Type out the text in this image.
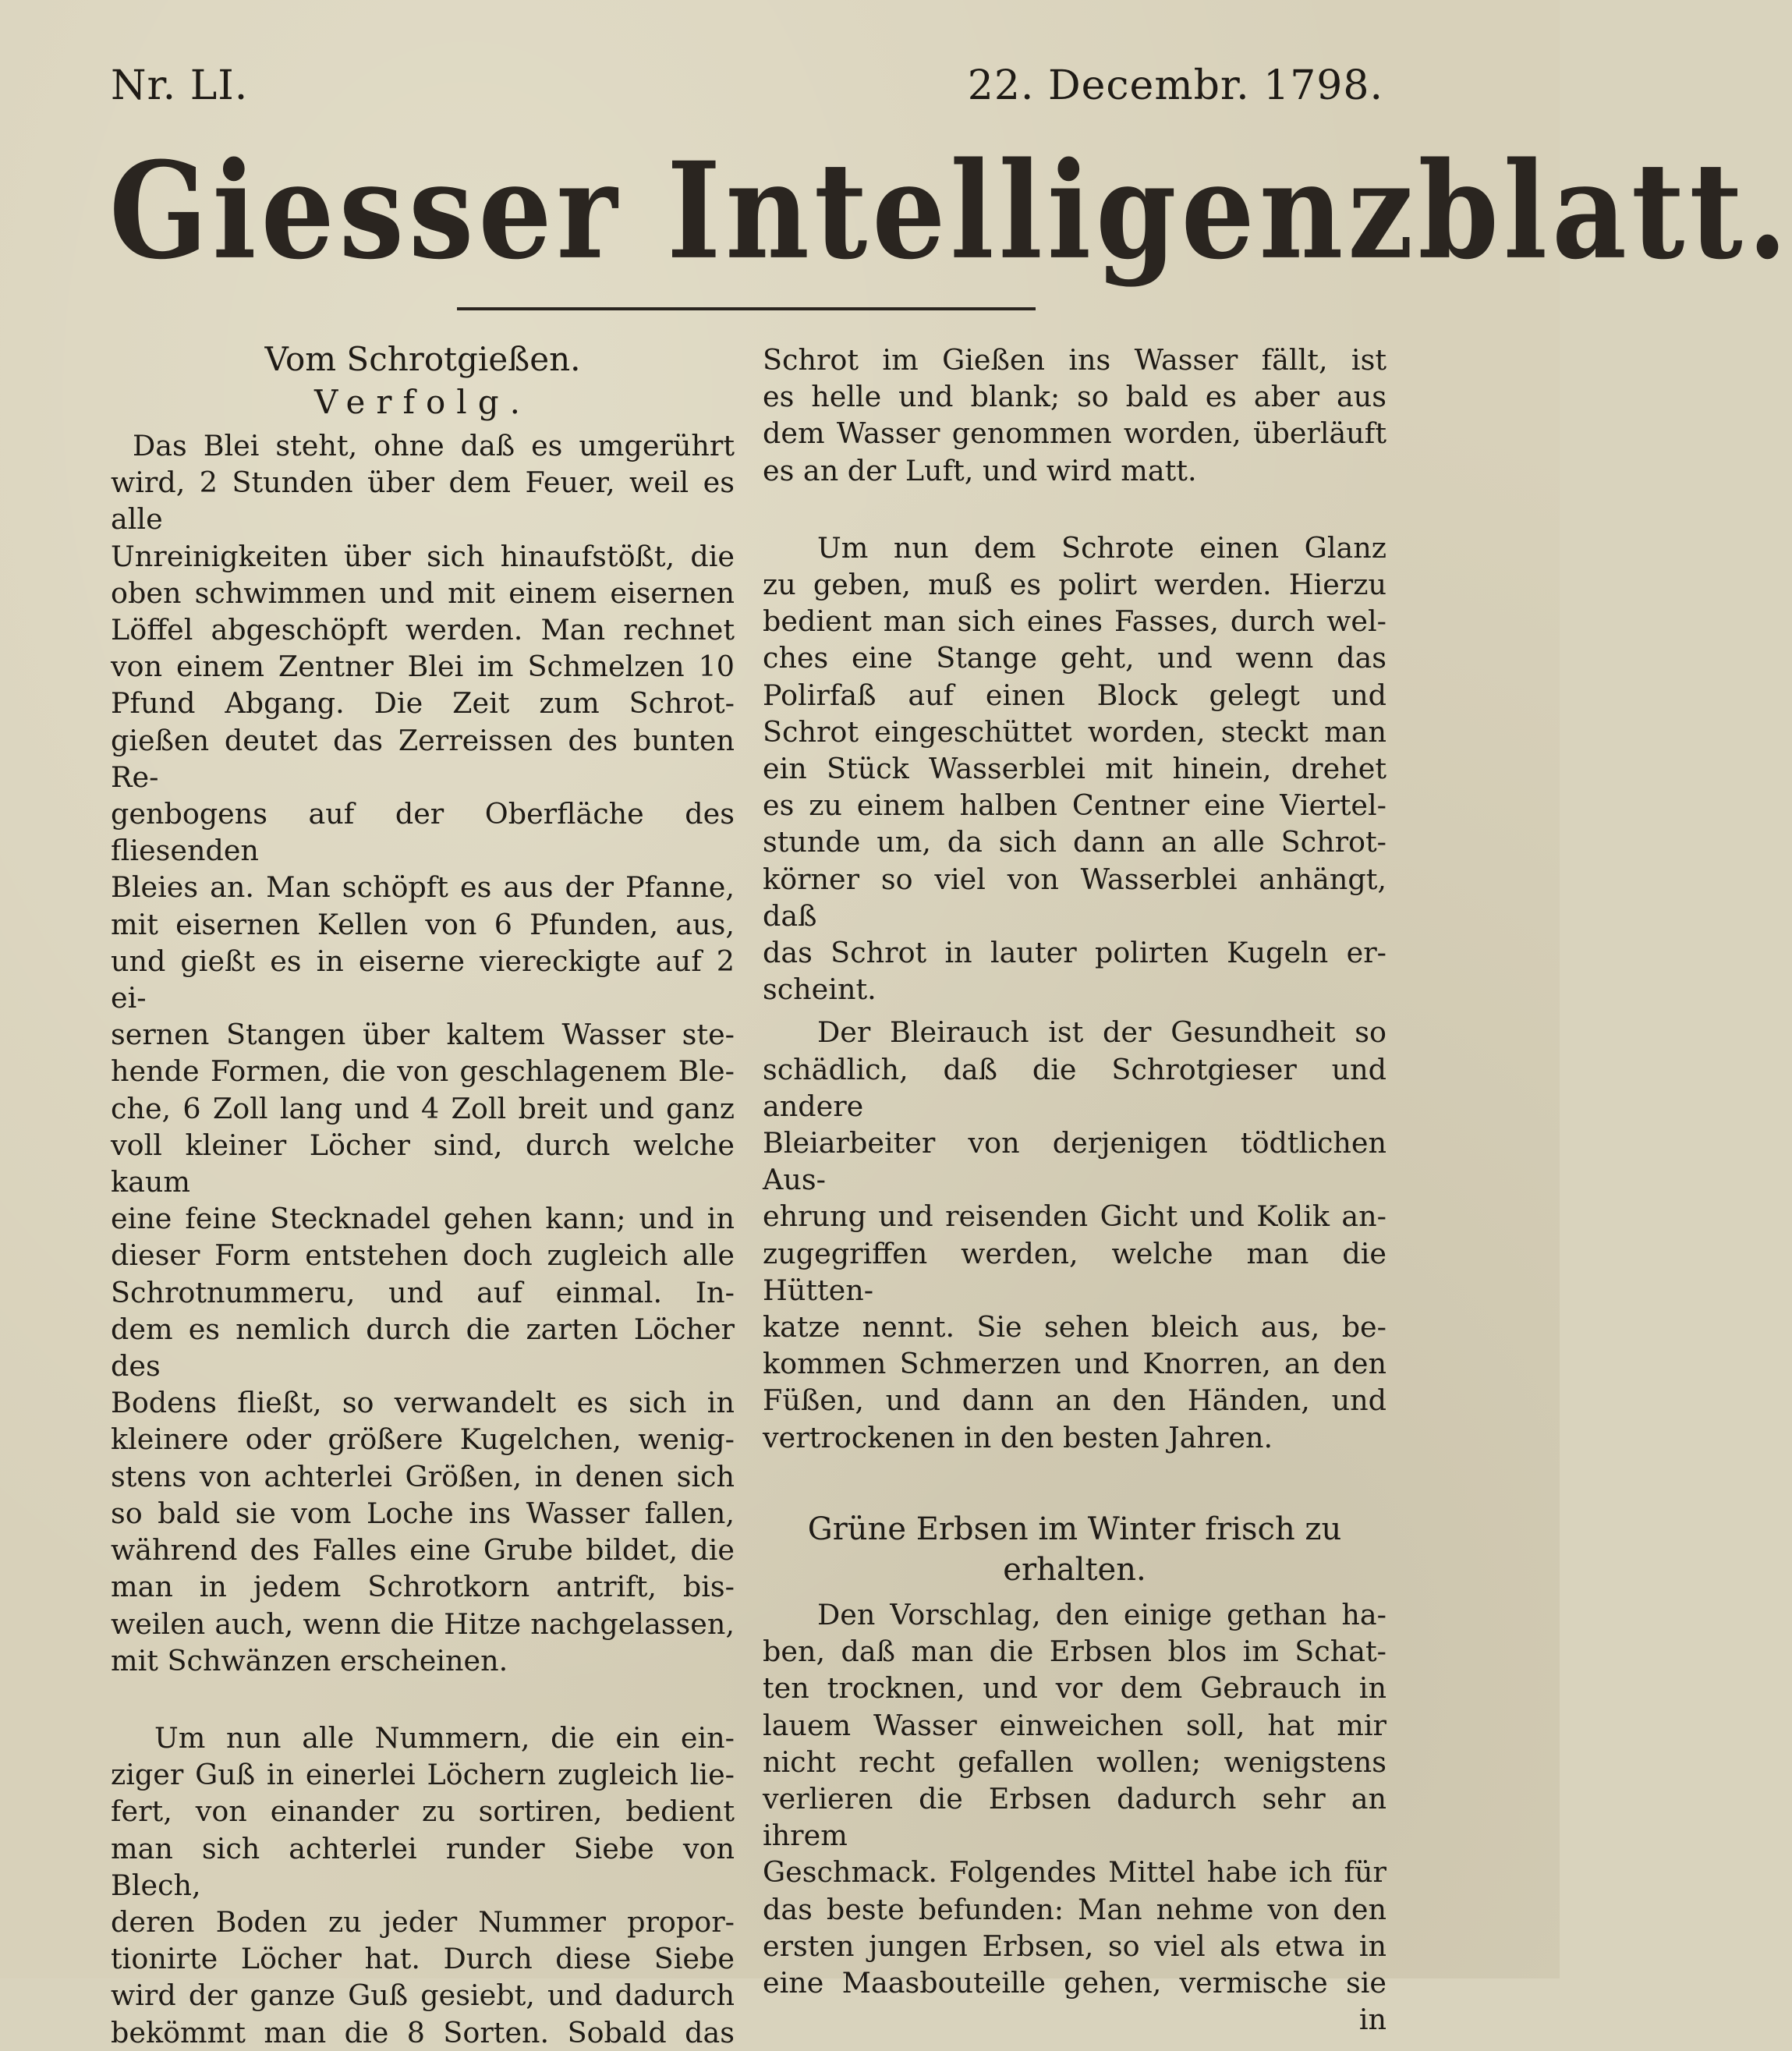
Nr. LI.	22. Decembr. 1798.
Giesser Intelligenzblatt.
Vom Schrotgießen.
Verfolg.

Das Blei steht, ohne daß es umgerührt

wird, 2 Stunden über dem Feuer, weil es alle

Unreinigkeiten über sich hinaufstößt, die

oben schwimmen und mit einem eisernen

Löffel abgeschöpft werden. Man rechnet

von einem Zentner Blei im Schmelzen 10

Pfund Abgang. Die Zeit zum Schrot-

gießen deutet das Zerreissen des bunten Re-

genbogens auf der Oberfläche des fliesenden

Bleies an. Man schöpft es aus der Pfanne,

mit eisernen Kellen von 6 Pfunden, aus,

und gießt es in eiserne viereckigte auf 2 ei-

sernen Stangen über kaltem Wasser ste-

hende Formen, die von geschlagenem Ble-

che, 6 Zoll lang und 4 Zoll breit und ganz

voll kleiner Löcher sind, durch welche kaum

eine feine Stecknadel gehen kann; und in

dieser Form entstehen doch zugleich alle

Schrotnummeru, und auf einmal. In-

dem es nemlich durch die zarten Löcher des

Bodens fließt, so verwandelt es sich in

kleinere oder größere Kugelchen, wenig-

stens von achterlei Größen, in denen sich

so bald sie vom Loche ins Wasser fallen,

während des Falles eine Grube bildet, die

man in jedem Schrotkorn antrift, bis-

weilen auch, wenn die Hitze nachgelassen,

mit Schwänzen erscheinen.

Um nun alle Nummern, die ein ein-

ziger Guß in einerlei Löchern zugleich lie-

fert, von einander zu sortiren, bedient

man sich achterlei runder Siebe von Blech,

deren Boden zu jeder Nummer propor-

tionirte Löcher hat. Durch diese Siebe

wird der ganze Guß gesiebt, und dadurch

bekömmt man die 8 Sorten. Sobald das

Schrot im Gießen ins Wasser fällt, ist

es helle und blank; so bald es aber aus

dem Wasser genommen worden, überläuft

es an der Luft, und wird matt.

Um nun dem Schrote einen Glanz

zu geben, muß es polirt werden. Hierzu

bedient man sich eines Fasses, durch wel-

ches eine Stange geht, und wenn das

Polirfaß auf einen Block gelegt und

Schrot eingeschüttet worden, steckt man

ein Stück Wasserblei mit hinein, drehet

es zu einem halben Centner eine Viertel-

stunde um, da sich dann an alle Schrot-

körner so viel von Wasserblei anhängt, daß

das Schrot in lauter polirten Kugeln er-

scheint.

Der Bleirauch ist der Gesundheit so

schädlich, daß die Schrotgieser und andere

Bleiarbeiter von derjenigen tödtlichen Aus-

ehrung und reisenden Gicht und Kolik an-

zugegriffen werden, welche man die Hütten-

katze nennt. Sie sehen bleich aus, be-

kommen Schmerzen und Knorren, an den

Füßen, und dann an den Händen, und

vertrockenen in den besten Jahren.

Grüne Erbsen im Winter frisch zu
erhalten.

Den Vorschlag, den einige gethan ha-

ben, daß man die Erbsen blos im Schat-

ten trocknen, und vor dem Gebrauch in

lauem Wasser einweichen soll, hat mir

nicht recht gefallen wollen; wenigstens

verlieren die Erbsen dadurch sehr an ihrem

Geschmack. Folgendes Mittel habe ich für

das beste befunden: Man nehme von den

ersten jungen Erbsen, so viel als etwa in

eine Maasbouteille gehen, vermische sie

in
